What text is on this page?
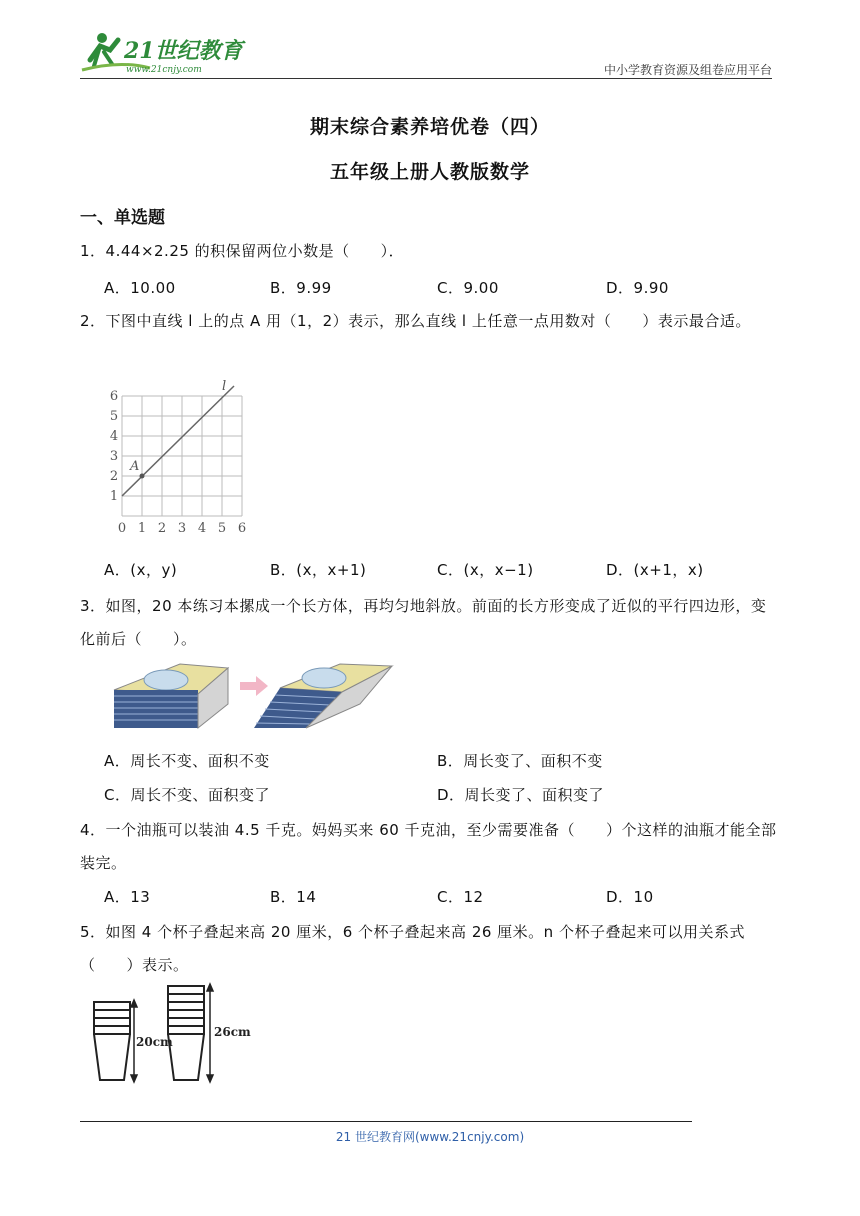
21世纪教育
www.21cnjy.com	中小学教育资源及组卷应用平台
期末综合素养培优卷（四）
五年级上册人教版数学
一、单选题
1．4.44×2.25 的积保留两位小数是（　　）．
A．10.00	B．9.99	C．9.00	D．9.90
2．下图中直线 l 上的点 A 用（1，2）表示，那么直线 l 上任意一点用数对（　　）表示最合适。
A
l
0 1 2 3 4 5 6
1
2
3
4
5
6
A．(x，y)	B．(x，x+1)	C．(x，x−1)	D．(x+1，x)
3．如图，20 本练习本摞成一个长方体，再均匀地斜放。前面的长方形变成了近似的平行四边形，变化前后（　　）。
A．周长不变、面积不变	B．周长变了、面积不变
C．周长不变、面积变了	D．周长变了、面积变了
4．一个油瓶可以装油 4.5 千克。妈妈买来 60 千克油，至少需要准备（　　）个这样的油瓶才能全部装完。
A．13	B．14	C．12	D．10
5．如图 4 个杯子叠起来高 20 厘米，6 个杯子叠起来高 26 厘米。n 个杯子叠起来可以用关系式（　　）表示。
20cm
26cm
21 世纪教育网(www.21cnjy.com)
